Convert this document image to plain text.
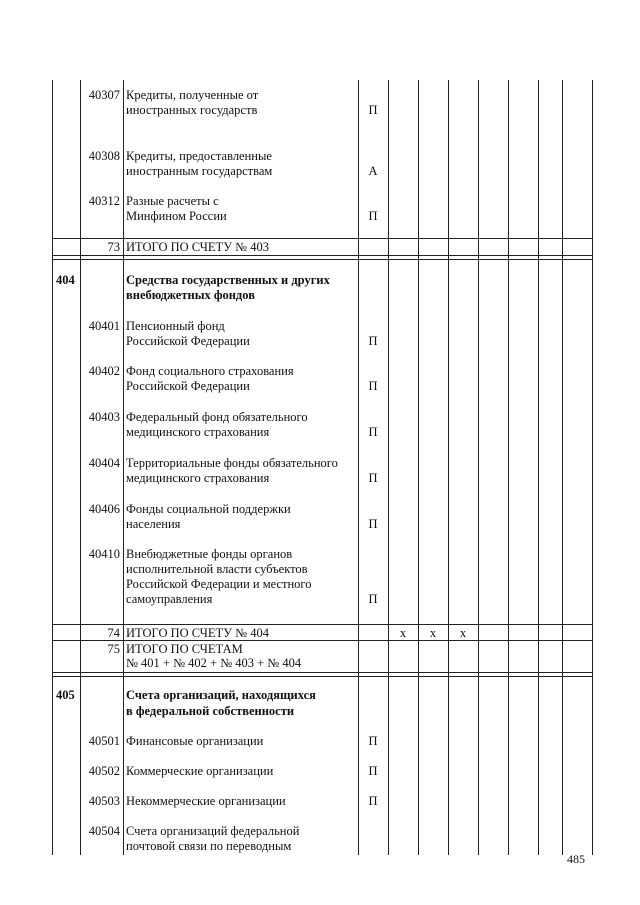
40307 Кредиты, полученные от
иностранных государств	П
40308 Кредиты, предоставленные
иностранным государствам	А
40312 Разные расчеты с
Минфином России	П
73 ИТОГО ПО СЧЕТУ № 403
404	Средства государственных и других
внебюджетных фондов
40401 Пенсионный фонд
Российской Федерации	П
40402 Фонд социального страхования
Российской Федерации	П
40403 Федеральный фонд обязательного
медицинского страхования	П
40404 Территориальные фонды обязательного
медицинского страхования	П
40406 Фонды социальной поддержки
населения	П
40410 Внебюджетные фонды органов
исполнительной власти субъектов
Российской Федерации и местного
самоуправления	П
74 ИТОГО ПО СЧЕТУ № 404	х	х	х
75 ИТОГО ПО СЧЕТАМ
№ 401 + № 402 + № 403 + № 404
405	Счета организаций, находящихся
в федеральной собственности
40501 Финансовые организации	П
40502 Коммерческие организации	П
40503 Некоммерческие организации	П
40504 Счета организаций федеральной
почтовой связи по переводным
485
